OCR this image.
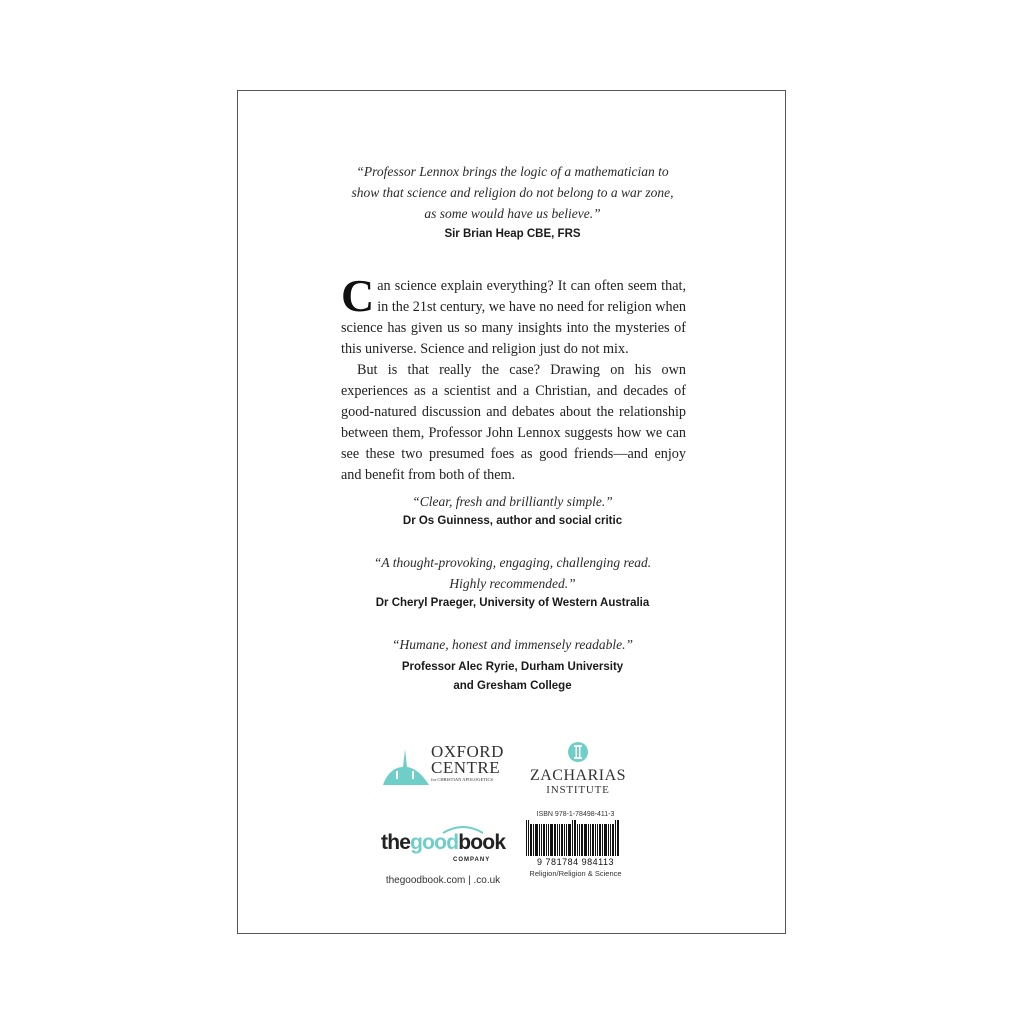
“Professor Lennox brings the logic of a mathematician to
show that science and religion do not belong to a war zone,
as some would have us believe.”
Sir Brian Heap CBE, FRS

Can science explain everything? It can often seem that, in the 21st century, we have no need for religion when science has given us so many insights into the mysteries of this universe. Science and religion just do not mix.

But is that really the case? Drawing on his own experiences as a scientist and a Christian, and decades of good-natured discussion and debates about the relationship between them, Professor John Lennox suggests how we can see these two presumed foes as good friends—and enjoy and benefit from both of them.

“Clear, fresh and brilliantly simple.”
Dr Os Guinness, author and social critic
“A thought-provoking, engaging, challenging read.
Highly recommended.”
Dr Cheryl Praeger, University of Western Australia
“Humane, honest and immensely readable.”
Professor Alec Ryrie, Durham University
and Gresham College
OXFORD
CENTRE
for CHRISTIAN APOLOGETICS	ZACHARIAS
INSTITUTE
thegoodbook
COMPANY
thegoodbook.com | .co.uk
ISBN 978-1-78498-411-3
9 781784 984113
Religion/Religion & Science
